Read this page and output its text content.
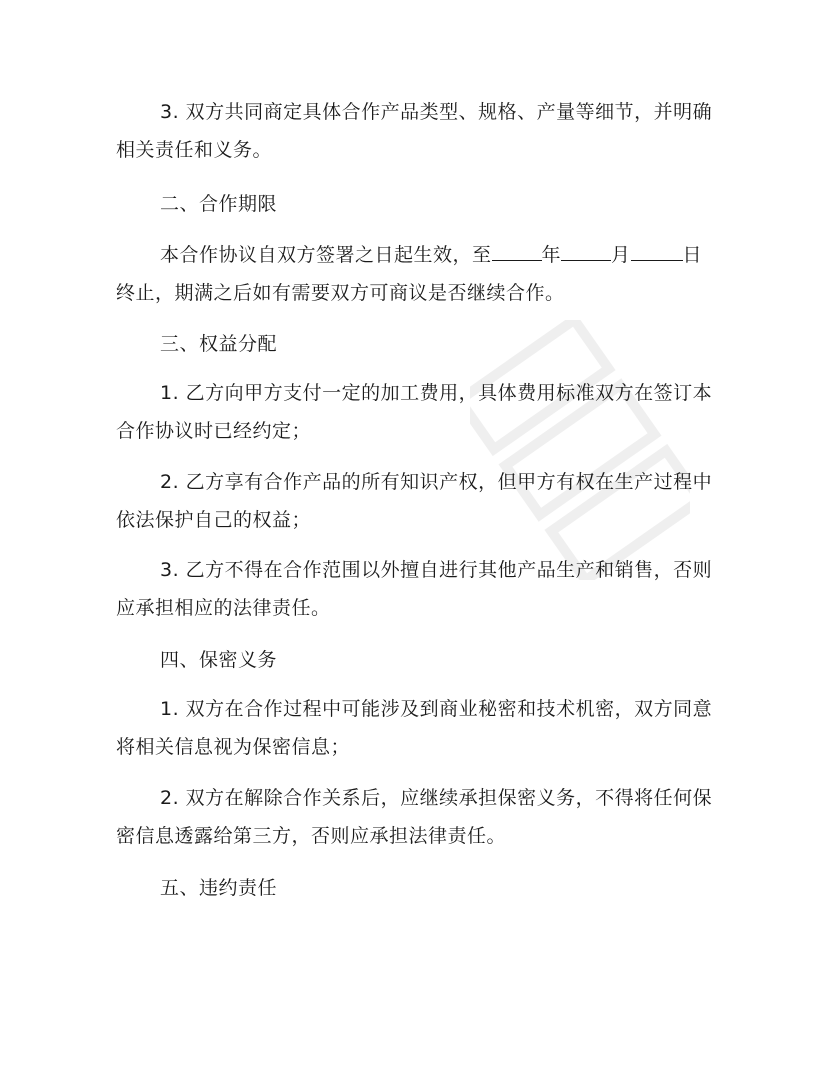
3. 双方共同商定具体合作产品类型、规格、产量等细节，并明确
相关责任和义务。
二、合作期限
本合作协议自双方签署之日起生效，至	年	月	日
终止，期满之后如有需要双方可商议是否继续合作。
三、权益分配
1. 乙方向甲方支付一定的加工费用，具体费用标准双方在签订本
合作协议时已经约定；
2. 乙方享有合作产品的所有知识产权，但甲方有权在生产过程中
依法保护自己的权益；
3. 乙方不得在合作范围以外擅自进行其他产品生产和销售，否则
应承担相应的法律责任。
四、保密义务
1. 双方在合作过程中可能涉及到商业秘密和技术机密，双方同意
将相关信息视为保密信息；
2. 双方在解除合作关系后，应继续承担保密义务，不得将任何保
密信息透露给第三方，否则应承担法律责任。
五、违约责任
